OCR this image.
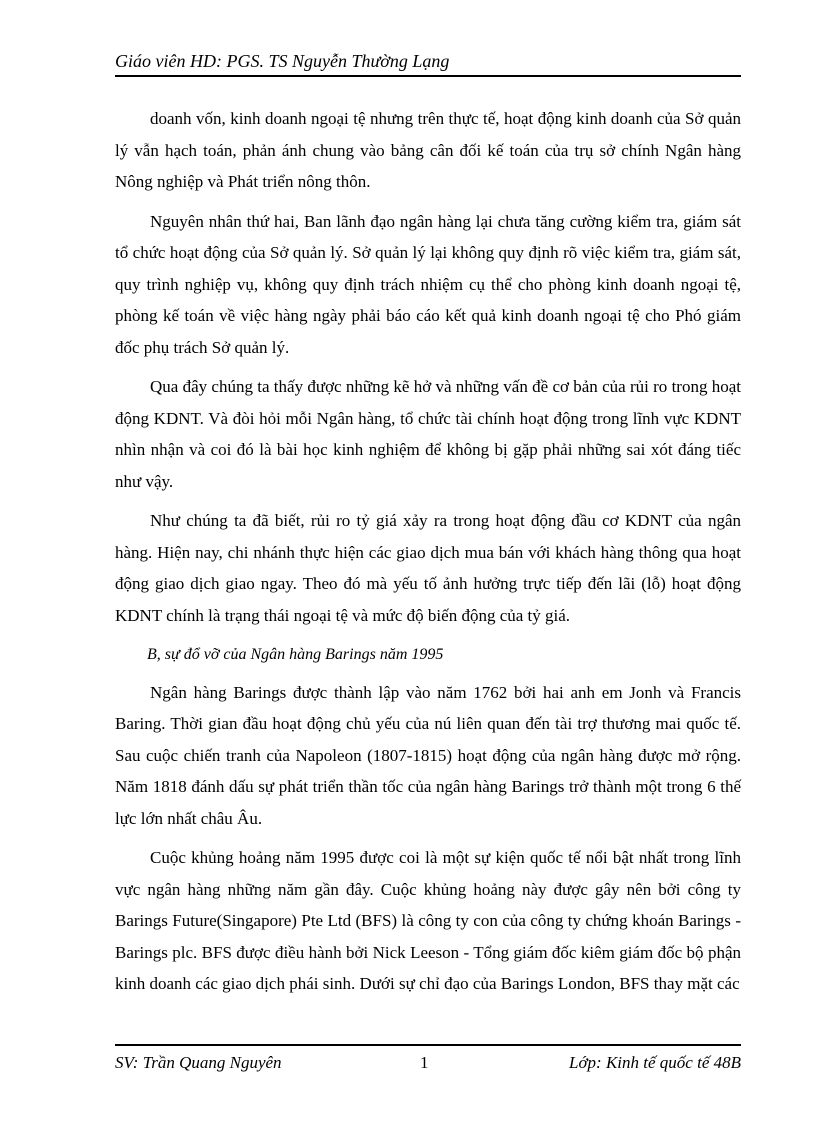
Giáo viên HD: PGS. TS Nguyễn Thường Lạng

doanh vốn, kinh doanh ngoại tệ nhưng trên thực tế, hoạt động kinh doanh của Sở quản lý vẫn hạch toán, phản ánh chung vào bảng cân đối kế toán của trụ sở chính Ngân hàng Nông nghiệp và Phát triển nông thôn.

Nguyên nhân thứ hai, Ban lãnh đạo ngân hàng lại chưa tăng cường kiểm tra, giám sát tổ chức hoạt động của Sở quản lý. Sở quản lý lại không quy định rõ việc kiểm tra, giám sát, quy trình nghiệp vụ, không quy định trách nhiệm cụ thể cho phòng kinh doanh ngoại tệ, phòng kế toán về việc hàng ngày phải báo cáo kết quả kinh doanh ngoại tệ cho Phó giám đốc phụ trách Sở quản lý.

Qua đây chúng ta thấy được những kẽ hở và những vấn đề cơ bản của rủi ro trong hoạt động KDNT. Và đòi hỏi mỗi Ngân hàng, tổ chức tài chính hoạt động trong lĩnh vực KDNT nhìn nhận và coi đó là bài học kinh nghiệm để không bị gặp phải những sai xót đáng tiếc như vậy.

Như chúng ta đã biết, rủi ro tỷ giá xảy ra trong hoạt động đầu cơ KDNT của ngân hàng. Hiện nay, chi nhánh thực hiện các giao dịch mua bán với khách hàng thông qua hoạt động giao dịch giao ngay. Theo đó mà yếu tố ảnh hưởng trực tiếp đến lãi (lỗ) hoạt động KDNT chính là trạng thái ngoại tệ và mức độ biến động của tỷ giá.

B, sự đổ vỡ của Ngân hàng Barings năm 1995

Ngân hàng Barings được thành lập vào năm 1762 bởi hai anh em Jonh và Francis Baring. Thời gian đầu hoạt động chủ yếu của nú liên quan đến tài trợ thương mai quốc tế. Sau cuộc chiến tranh của Napoleon (1807-1815) hoạt động của ngân hàng được mở rộng. Năm 1818 đánh dấu sự phát triển thần tốc của ngân hàng Barings trở thành một trong 6 thế lực lớn nhất châu Âu.

Cuộc khủng hoảng năm 1995 được coi là một sự kiện quốc tế nổi bật nhất trong lĩnh vực ngân hàng những năm gần đây. Cuộc khủng hoảng này được gây nên bởi công ty Barings Future(Singapore) Pte Ltd (BFS) là công ty con của công ty chứng khoán Barings - Barings plc. BFS được điều hành bởi Nick Leeson - Tổng giám đốc kiêm giám đốc bộ phận kinh doanh các giao dịch phái sinh. Dưới sự chỉ đạo của Barings London, BFS thay mặt các

SV: Trần Quang Nguyên	1	Lớp: Kinh tế quốc tế 48B
